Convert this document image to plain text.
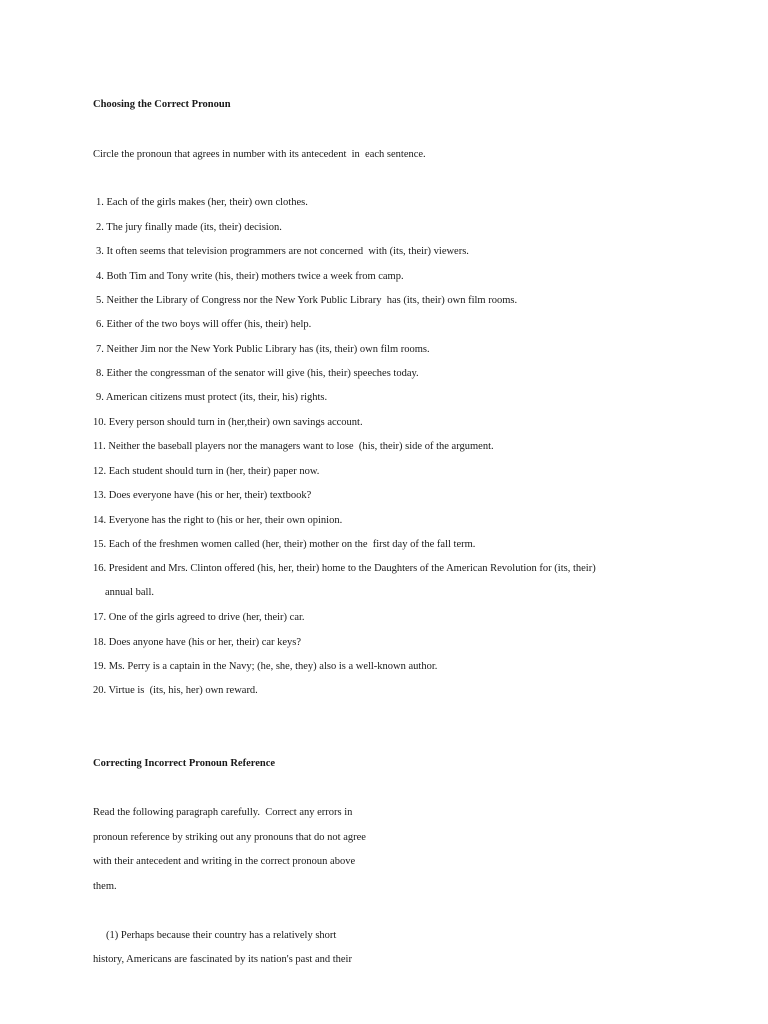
Choosing the Correct Pronoun
Circle the pronoun that agrees in number with its antecedent  in  each sentence.
1. Each of the girls makes (her, their) own clothes.
2. The jury finally made (its, their) decision.
3. It often seems that television programmers are not concerned  with (its, their) viewers.
4. Both Tim and Tony write (his, their) mothers twice a week from camp.
5. Neither the Library of Congress nor the New York Public Library  has (its, their) own film rooms.
6. Either of the two boys will offer (his, their) help.
7. Neither Jim nor the New York Public Library has (its, their) own film rooms.
8. Either the congressman of the senator will give (his, their) speeches today.
9. American citizens must protect (its, their, his) rights.
10. Every person should turn in (her,their) own savings account.
11. Neither the baseball players nor the managers want to lose  (his, their) side of the argument.
12. Each student should turn in (her, their) paper now.
13. Does everyone have (his or her, their) textbook?
14. Everyone has the right to (his or her, their own opinion.
15. Each of the freshmen women called (her, their) mother on the  first day of the fall term.
16. President and Mrs. Clinton offered (his, her, their) home to the Daughters of the American Revolution for (its, their)
annual ball.
17. One of the girls agreed to drive (her, their) car.
18. Does anyone have (his or her, their) car keys?
19. Ms. Perry is a captain in the Navy; (he, she, they) also is a well-known author.
20. Virtue is  (its, his, her) own reward.
Correcting Incorrect Pronoun Reference
Read the following paragraph carefully.  Correct any errors in
pronoun reference by striking out any pronouns that do not agree
with their antecedent and writing in the correct pronoun above
them.
(1) Perhaps because their country has a relatively short
history, Americans are fascinated by its nation's past and their
